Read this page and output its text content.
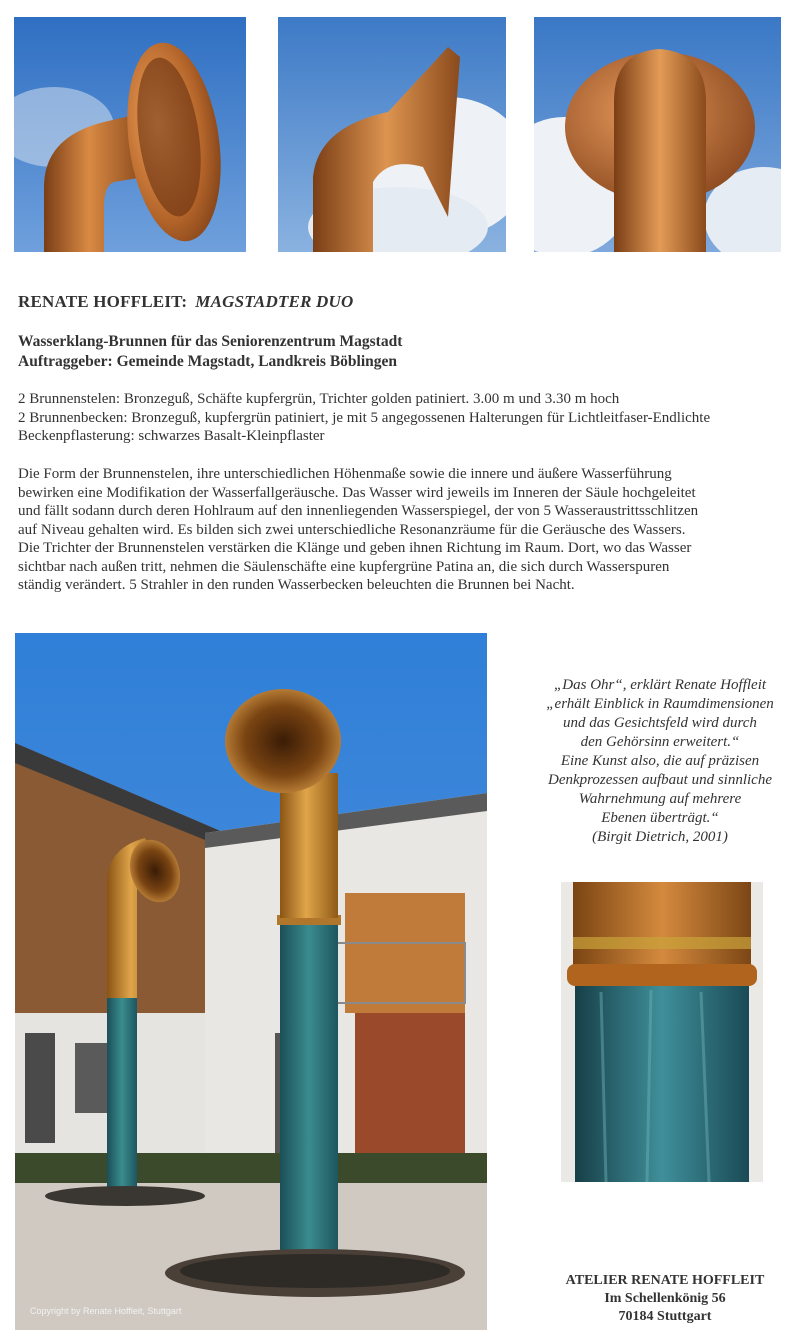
RENATE HOFFLEIT: MAGSTADTER DUO
Wasserklang-Brunnen für das Seniorenzentrum Magstadt
Auftraggeber: Gemeinde Magstadt, Landkreis Böblingen
2 Brunnenstelen: Bronzeguß, Schäfte kupfergrün, Trichter golden patiniert. 3.00 m und 3.30 m hoch
2 Brunnenbecken: Bronzeguß, kupfergrün patiniert, je mit 5 angegossenen Halterungen für Lichtleitfaser-Endlichte
Beckenpflasterung: schwarzes Basalt-Kleinpflaster
Die Form der Brunnenstelen, ihre unterschiedlichen Höhenmaße sowie die innere und äußere Wasserführung
bewirken eine Modifikation der Wasserfallgeräusche. Das Wasser wird jeweils im Inneren der Säule hochgeleitet
und fällt sodann durch deren Hohlraum auf den innenliegenden Wasserspiegel, der von 5 Wasseraustrittsschlitzen
auf Niveau gehalten wird. Es bilden sich zwei unterschiedliche Resonanzräume für die Geräusche des Wassers.
Die Trichter der Brunnenstelen verstärken die Klänge und geben ihnen Richtung im Raum. Dort, wo das Wasser
sichtbar nach außen tritt, nehmen die Säulenschäfte eine kupfergrüne Patina an, die sich durch Wasserspuren
ständig verändert. 5 Strahler in den runden Wasserbecken beleuchten die Brunnen bei Nacht.
Copyright by Renate Hoffleit, Stuttgart
„Das Ohr“, erklärt Renate Hoffleit
„erhält Einblick in Raumdimensionen
und das Gesichtsfeld wird durch
den Gehörsinn erweitert.“
Eine Kunst also, die auf präzisen
Denkprozessen aufbaut und sinnliche
Wahrnehmung auf mehrere
Ebenen überträgt.“
(Birgit Dietrich, 2001)
ATELIER RENATE HOFFLEIT
Im Schellenkönig 56
70184 Stuttgart
